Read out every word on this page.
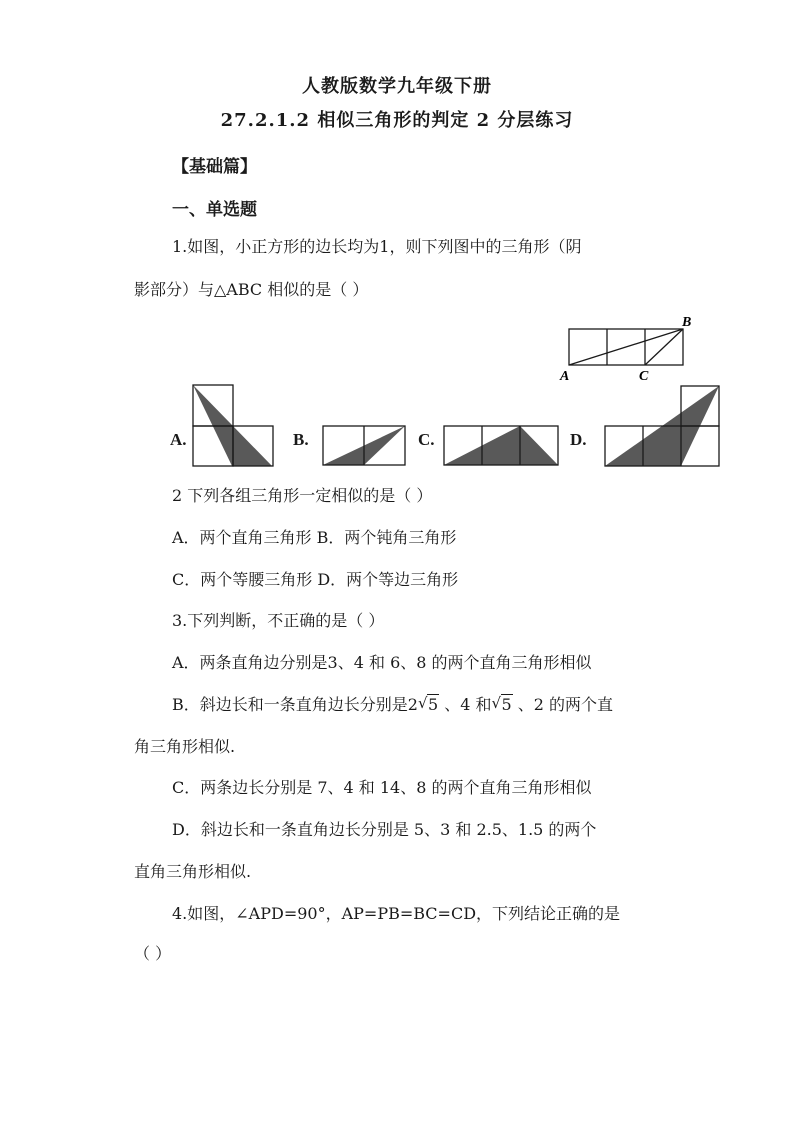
人教版数学九年级下册
27.2.1.2 相似三角形的判定 2 分层练习
【基础篇】
一、单选题
1.如图，小正方形的边长均为1，则下列图中的三角形（阴
影部分）与△ABC 相似的是（ ）
B
A	C
A.	B.	C.	D.
2 下列各组三角形一定相似的是（ ）
A．两个直角三角形 B．两个钝角三角形
C．两个等腰三角形 D．两个等边三角形
3.下列判断，不正确的是（ ）
A．两条直角边分别是3、4 和 6、8 的两个直角三角形相似
B．斜边长和一条直角边长分别是2 √ 5 、4 和 √ 5 、2 的两个直
角三角形相似.
C．两条边长分别是 7、4 和 14、8 的两个直角三角形相似
D．斜边长和一条直角边长分别是 5、3 和 2.5、1.5 的两个
直角三角形相似.
4.如图，∠APD=90°，AP=PB=BC=CD，下列结论正确的是
（ ）
